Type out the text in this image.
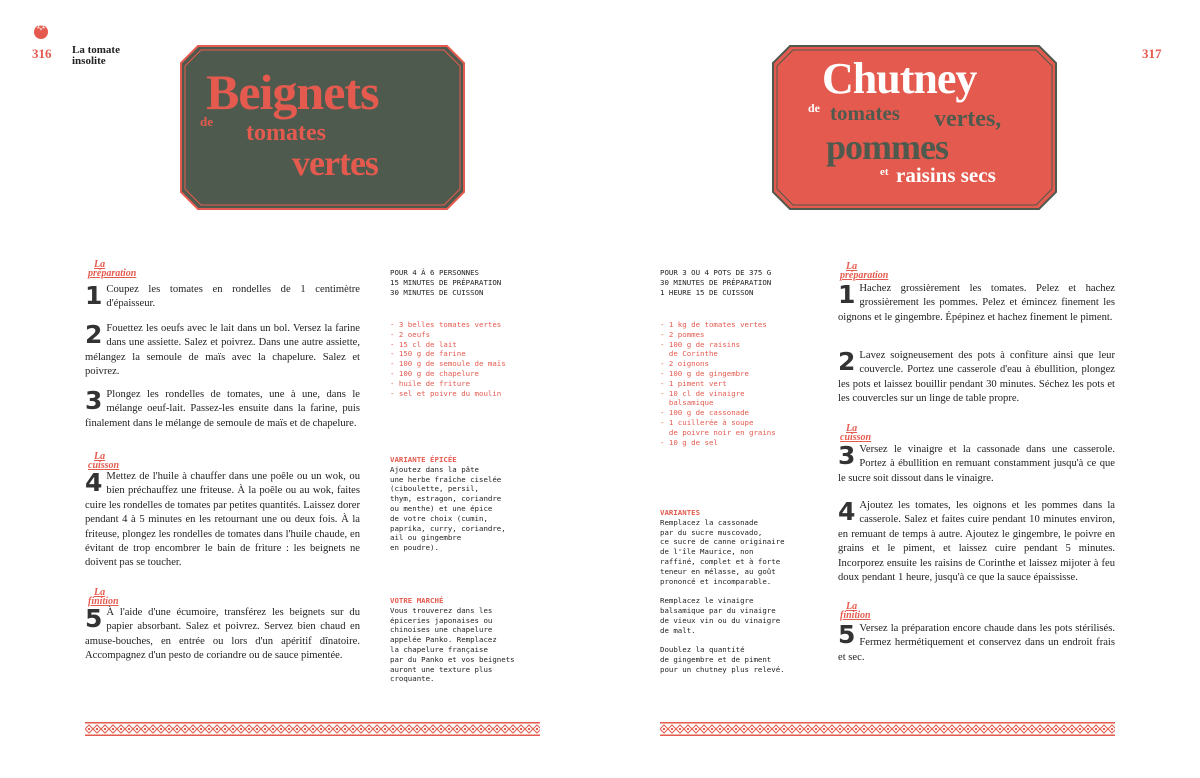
316 La tomate
insolite
Beignets
de tomates
vertes
La
préparation
1 Coupez les tomates en rondelles de 1 centimètre d'épaisseur.
2 Fouettez les oeufs avec le lait dans un bol. Versez la farine dans une assiette. Salez et poivrez. Dans une autre assiette, mélangez la semoule de maïs avec la chapelure. Salez et poivrez.
3 Plongez les rondelles de tomates, une à une, dans le mélange oeuf-lait. Passez-les ensuite dans la farine, puis finalement dans le mélange de semoule de maïs et de chapelure.
La
cuisson
4 Mettez de l'huile à chauffer dans une poêle ou un wok, ou bien préchauffez une friteuse. À la poêle ou au wok, faites cuire les rondelles de tomates par petites quantités. Laissez dorer pendant 4 à 5 minutes en les retournant une ou deux fois. À la friteuse, plongez les rondelles de tomates dans l'huile chaude, en évitant de trop encombrer le bain de friture : les beignets ne doivent pas se toucher.
La
finition
5 À l'aide d'une écumoire, transférez les beignets sur du papier absorbant. Salez et poivrez. Servez bien chaud en amuse-bouches, en entrée ou lors d'un apéritif dînatoire. Accompagnez d'un pesto de coriandre ou de sauce pimentée.
POUR 4 À 6 PERSONNES
15 MINUTES DE PRÉPARATION
30 MINUTES DE CUISSON
- 3 belles tomates vertes
- 2 oeufs
- 15 cl de lait
- 150 g de farine
- 100 g de semoule de maïs
- 100 g de chapelure
- huile de friture
- sel et poivre du moulin
VARIANTE ÉPICÉE
Ajoutez dans la pâte
une herbe fraîche ciselée
(ciboulette, persil,
thym, estragon, coriandre
ou menthe) et une épice
de votre choix (cumin,
paprika, curry, coriandre,
ail ou gingembre
en poudre).
VOTRE MARCHÉ
Vous trouverez dans les
épiceries japonaises ou
chinoises une chapelure
appelée Panko. Remplacez
la chapelure française
par du Panko et vos beignets
auront une texture plus
croquante.
317
Chutney
de tomates vertes,
pommes
et raisins secs
POUR 3 OU 4 POTS DE 375 G
30 MINUTES DE PRÉPARATION
1 HEURE 15 DE CUISSON
- 1 kg de tomates vertes
- 2 pommes
- 100 g de raisins
de Corinthe
- 2 oignons
- 100 g de gingembre
- 1 piment vert
- 10 cl de vinaigre
balsamique
- 100 g de cassonade
- 1 cuillerée à soupe
de poivre noir en grains
- 10 g de sel
VARIANTES
Remplacez la cassonade
par du sucre muscovado,
ce sucre de canne originaire
de l'île Maurice, non
raffiné, complet et à forte
teneur en mélasse, au goût
prononcé et incomparable.

Remplacez le vinaigre
balsamique par du vinaigre
de vieux vin ou du vinaigre
de malt.

Doublez la quantité
de gingembre et de piment
pour un chutney plus relevé.
La
préparation
1 Hachez grossièrement les tomates. Pelez et hachez grossièrement les pommes. Pelez et émincez finement les oignons et le gingembre. Épépinez et hachez finement le piment.
2 Lavez soigneusement des pots à confiture ainsi que leur couvercle. Portez une casserole d'eau à ébullition, plongez les pots et laissez bouillir pendant 30 minutes. Séchez les pots et les couvercles sur un linge de table propre.
La
cuisson
3 Versez le vinaigre et la cassonade dans une casserole. Portez à ébullition en remuant constamment jusqu'à ce que le sucre soit dissout dans le vinaigre.
4 Ajoutez les tomates, les oignons et les pommes dans la casserole. Salez et faites cuire pendant 10 minutes environ, en remuant de temps à autre. Ajoutez le gingembre, le poivre en grains et le piment, et laissez cuire pendant 5 minutes. Incorporez ensuite les raisins de Corinthe et laissez mijoter à feu doux pendant 1 heure, jusqu'à ce que la sauce épaississe.
La
finition
5 Versez la préparation encore chaude dans les pots stérilisés. Fermez hermétiquement et conservez dans un endroit frais et sec.
